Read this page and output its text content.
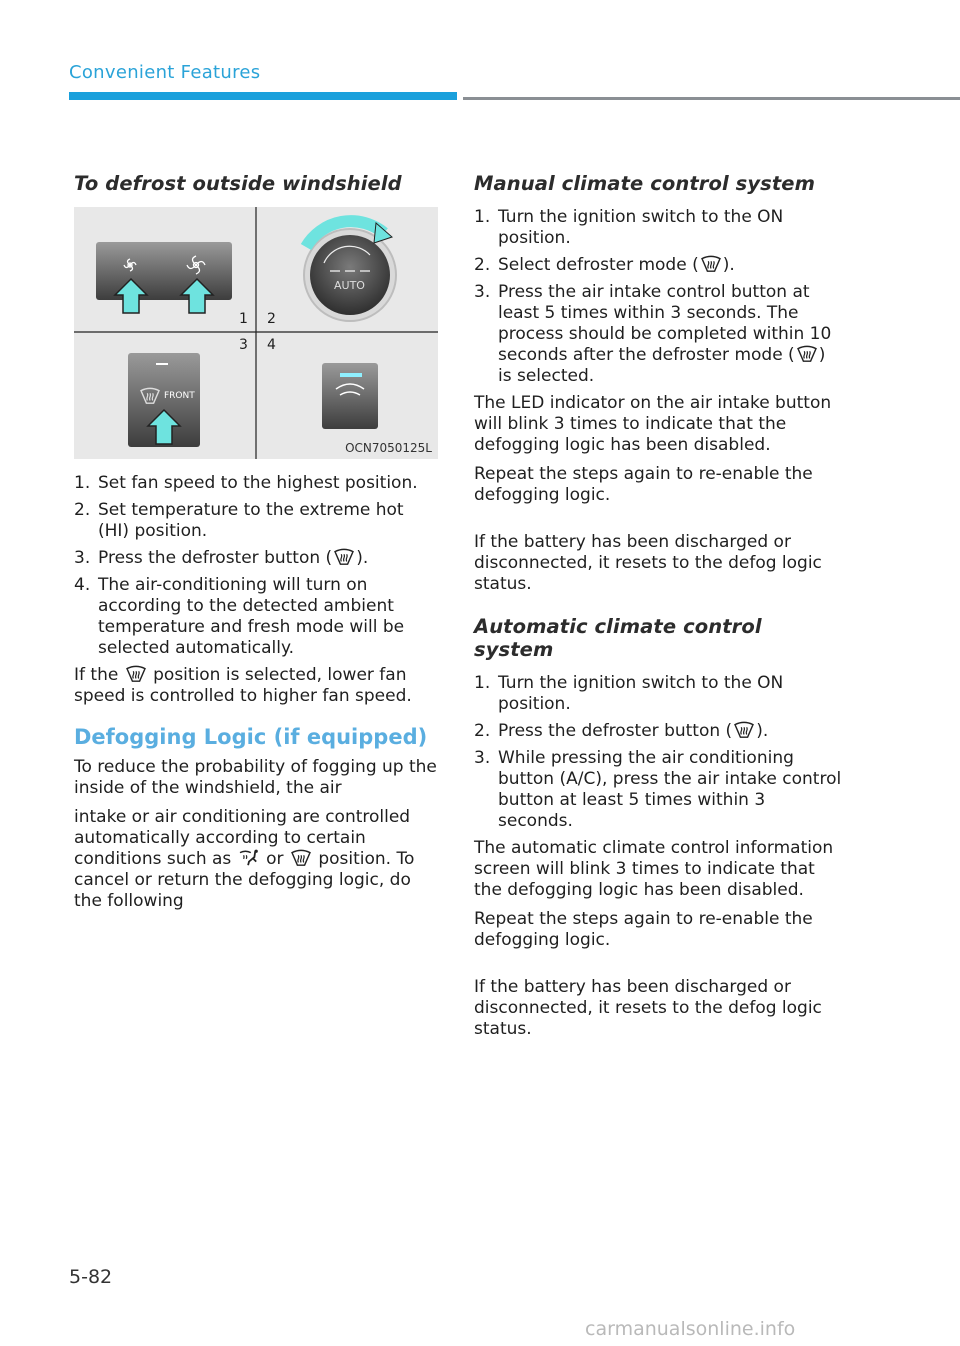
Convenient Features
To defrost outside windshield
1 2
3 4
AUTO
FRONT
OCN7050125L
1. Set fan speed to the highest position.
2. Set temperature to the extreme hot (HI) position.
3. Press the defroster button ( ).
4. The air-conditioning will turn on according to the detected ambient temperature and fresh mode will be selected automatically.

If the position is selected, lower fan speed is controlled to higher fan speed.

Defogging Logic (if equipped)

To reduce the probability of fogging up the inside of the windshield, the air

intake or air conditioning are controlled automatically according to certain conditions such as or position. To cancel or return the defogging logic, do the following

Manual climate control system
1. Turn the ignition switch to the ON position.
2. Select defroster mode ( ).
3. Press the air intake control button at least 5 times within 3 seconds. The process should be completed within 10 seconds after the defroster mode ( ) is selected.

The LED indicator on the air intake button will blink 3 times to indicate that the defogging logic has been disabled.

Repeat the steps again to re-enable the defogging logic.

If the battery has been discharged or disconnected, it resets to the defog logic status.

Automatic climate control system
1. Turn the ignition switch to the ON position.
2. Press the defroster button ( ).
3. While pressing the air conditioning button (A/C), press the air intake control button at least 5 times within 3 seconds.

The automatic climate control information screen will blink 3 times to indicate that the defogging logic has been disabled.

Repeat the steps again to re-enable the defogging logic.

If the battery has been discharged or disconnected, it resets to the defog logic status.

5-82
carmanualsonline.info
